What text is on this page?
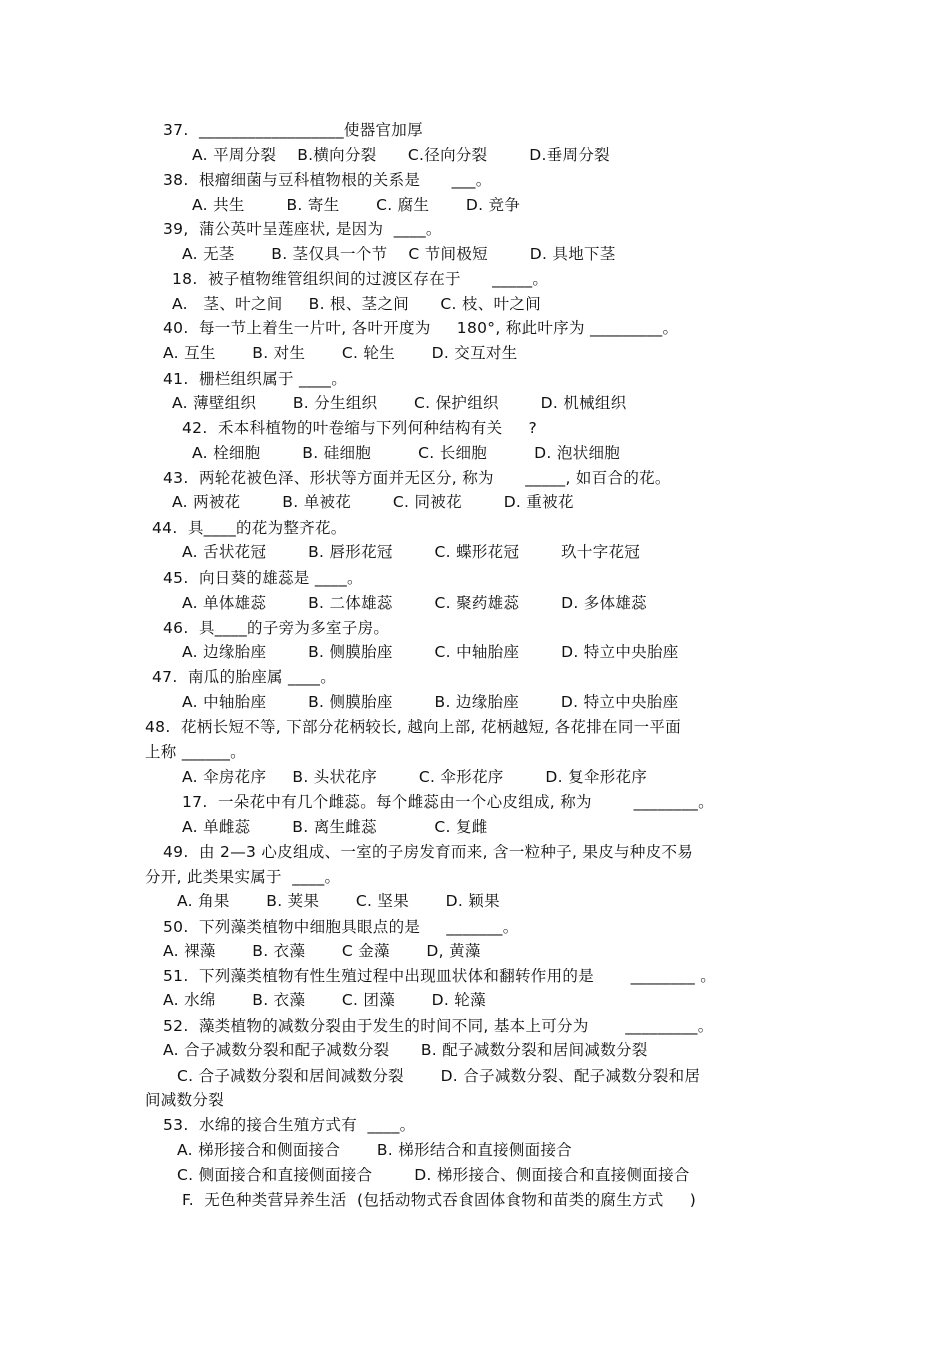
37.  __________________使器官加厚
A. 平周分裂    B.横向分裂      C.径向分裂        D.垂周分裂
38.  根瘤细菌与豆科植物根的关系是      ___。
A. 共生        B. 寄生       C. 腐生       D. 竞争
39,  蒲公英叶呈莲座状, 是因为  ____。
A. 无茎       B. 茎仅具一个节    C 节间极短        D. 具地下茎
18.  被子植物维管组织间的过渡区存在于      _____。
A.   茎、叶之间     B. 根、茎之间      C. 枝、叶之间
40.  每一节上着生一片叶, 各叶开度为     180°, 称此叶序为 _________。
A. 互生       B. 对生       C. 轮生       D. 交互对生
41.  栅栏组织属于 ____。
A. 薄壁组织       B. 分生组织       C. 保护组织        D. 机械组织
42.  禾本科植物的叶卷缩与下列何种结构有关     ?
A. 栓细胞        B. 硅细胞         C. 长细胞         D. 泡状细胞
43.  两轮花被色泽、形状等方面并无区分, 称为      _____, 如百合的花。
A. 两被花        B. 单被花        C. 同被花        D. 重被花
44.  具____的花为整齐花。
A. 舌状花冠        B. 唇形花冠        C. 蝶形花冠        玖十字花冠
45.  向日葵的雄蕊是 ____。
A. 单体雄蕊        B. 二体雄蕊        C. 聚药雄蕊        D. 多体雄蕊
46.  具____的子旁为多室子房。
A. 边缘胎座        B. 侧膜胎座        C. 中轴胎座        D. 特立中央胎座
47.  南瓜的胎座属 ____。
A. 中轴胎座        B. 侧膜胎座        B. 边缘胎座        D. 特立中央胎座
48.  花柄长短不等, 下部分花柄较长, 越向上部, 花柄越短, 各花排在同一平面
上称 ______。
A. 伞房花序     B. 头状花序        C. 伞形花序        D. 复伞形花序
17.  一朵花中有几个雌蕊。每个雌蕊由一个心皮组成, 称为        ________。
A. 单雌蕊        B. 离生雌蕊           C. 复雌
49.  由 2—3 心皮组成、一室的子房发育而来, 含一粒种子, 果皮与种皮不易
分开, 此类果实属于  ____。
A. 角果       B. 荚果       C. 坚果       D. 颖果
50.  下列藻类植物中细胞具眼点的是     _______。
A. 裸藻       B. 衣藻       C 金藻       D, 黄藻
51.  下列藻类植物有性生殖过程中出现皿状体和翻转作用的是       ________ 。
A. 水绵       B. 衣藻       C. 团藻       D. 轮藻
52.  藻类植物的减数分裂由于发生的时间不同, 基本上可分为       _________。
A. 合子减数分裂和配子减数分裂      B. 配子减数分裂和居间减数分裂
C. 合子减数分裂和居间减数分裂       D. 合子减数分裂、配子减数分裂和居
间减数分裂
53.  水绵的接合生殖方式有  ____。
A. 梯形接合和侧面接合       B. 梯形结合和直接侧面接合
C. 侧面接合和直接侧面接合        D. 梯形接合、侧面接合和直接侧面接合
F.  无色种类营异养生活  (包括动物式吞食固体食物和苗类的腐生方式     )
